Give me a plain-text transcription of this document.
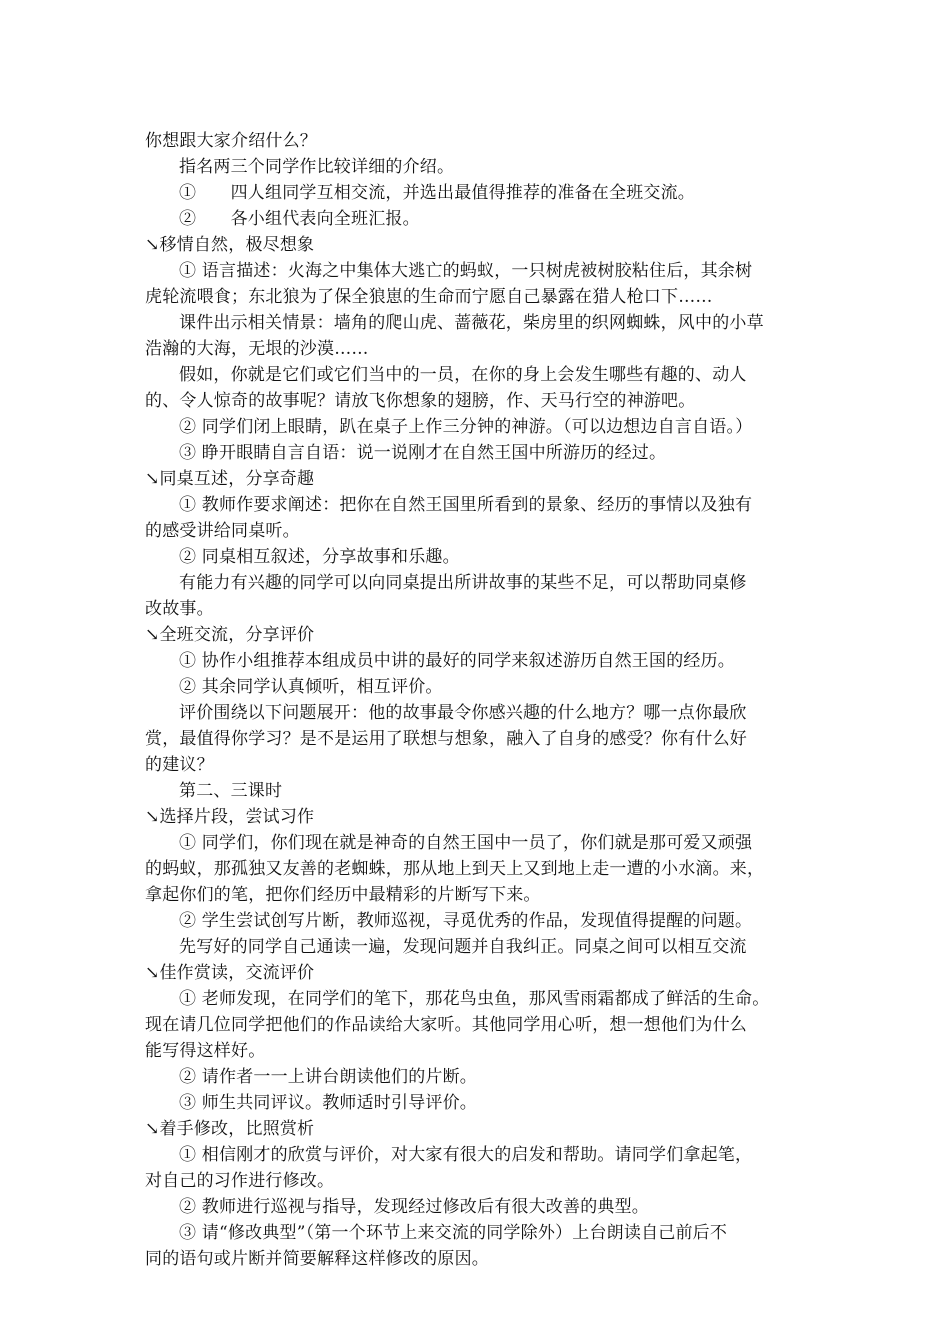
你想跟大家介绍什么？
指名两三个同学作比较详细的介绍。
①　　四人组同学互相交流，并选出最值得推荐的准备在全班交流。
②　　各小组代表向全班汇报。
↘移情自然，极尽想象
① 语言描述：火海之中集体大逃亡的蚂蚁，一只树虎被树胶粘住后，其余树
虎轮流喂食；东北狼为了保全狼崽的生命而宁愿自己暴露在猎人枪口下……
课件出示相关情景：墙角的爬山虎、蔷薇花，柴房里的织网蜘蛛，风中的小草
浩瀚的大海，无垠的沙漠……
假如，你就是它们或它们当中的一员，在你的身上会发生哪些有趣的、动人
的、令人惊奇的故事呢？请放飞你想象的翅膀，作、天马行空的神游吧。
② 同学们闭上眼睛，趴在桌子上作三分钟的神游。（可以边想边自言自语。）
③ 睁开眼睛自言自语：说一说刚才在自然王国中所游历的经过。
↘同桌互述，分享奇趣
① 教师作要求阐述：把你在自然王国里所看到的景象、经历的事情以及独有
的感受讲给同桌听。
② 同桌相互叙述，分享故事和乐趣。
有能力有兴趣的同学可以向同桌提出所讲故事的某些不足，可以帮助同桌修
改故事。
↘全班交流，分享评价
① 协作小组推荐本组成员中讲的最好的同学来叙述游历自然王国的经历。
② 其余同学认真倾听，相互评价。
评价围绕以下问题展开：他的故事最令你感兴趣的什么地方？哪一点你最欣
赏，最值得你学习？是不是运用了联想与想象，融入了自身的感受？你有什么好
的建议？
第二、三课时
↘选择片段，尝试习作
① 同学们，你们现在就是神奇的自然王国中一员了，你们就是那可爱又顽强
的蚂蚁，那孤独又友善的老蜘蛛，那从地上到天上又到地上走一遭的小水滴。来，
拿起你们的笔，把你们经历中最精彩的片断写下来。
② 学生尝试创写片断，教师巡视，寻觅优秀的作品，发现值得提醒的问题。
先写好的同学自己通读一遍，发现问题并自我纠正。同桌之间可以相互交流
↘佳作赏读，交流评价
① 老师发现，在同学们的笔下，那花鸟虫鱼，那风雪雨霜都成了鲜活的生命。
现在请几位同学把他们的作品读给大家听。其他同学用心听，想一想他们为什么
能写得这样好。
② 请作者一一上讲台朗读他们的片断。
③ 师生共同评议。教师适时引导评价。
↘着手修改，比照赏析
① 相信刚才的欣赏与评价，对大家有很大的启发和帮助。请同学们拿起笔，
对自己的习作进行修改。
② 教师进行巡视与指导，发现经过修改后有很大改善的典型。
③ 请“修改典型”（第一个环节上来交流的同学除外）上台朗读自己前后不
同的语句或片断并简要解释这样修改的原因。
